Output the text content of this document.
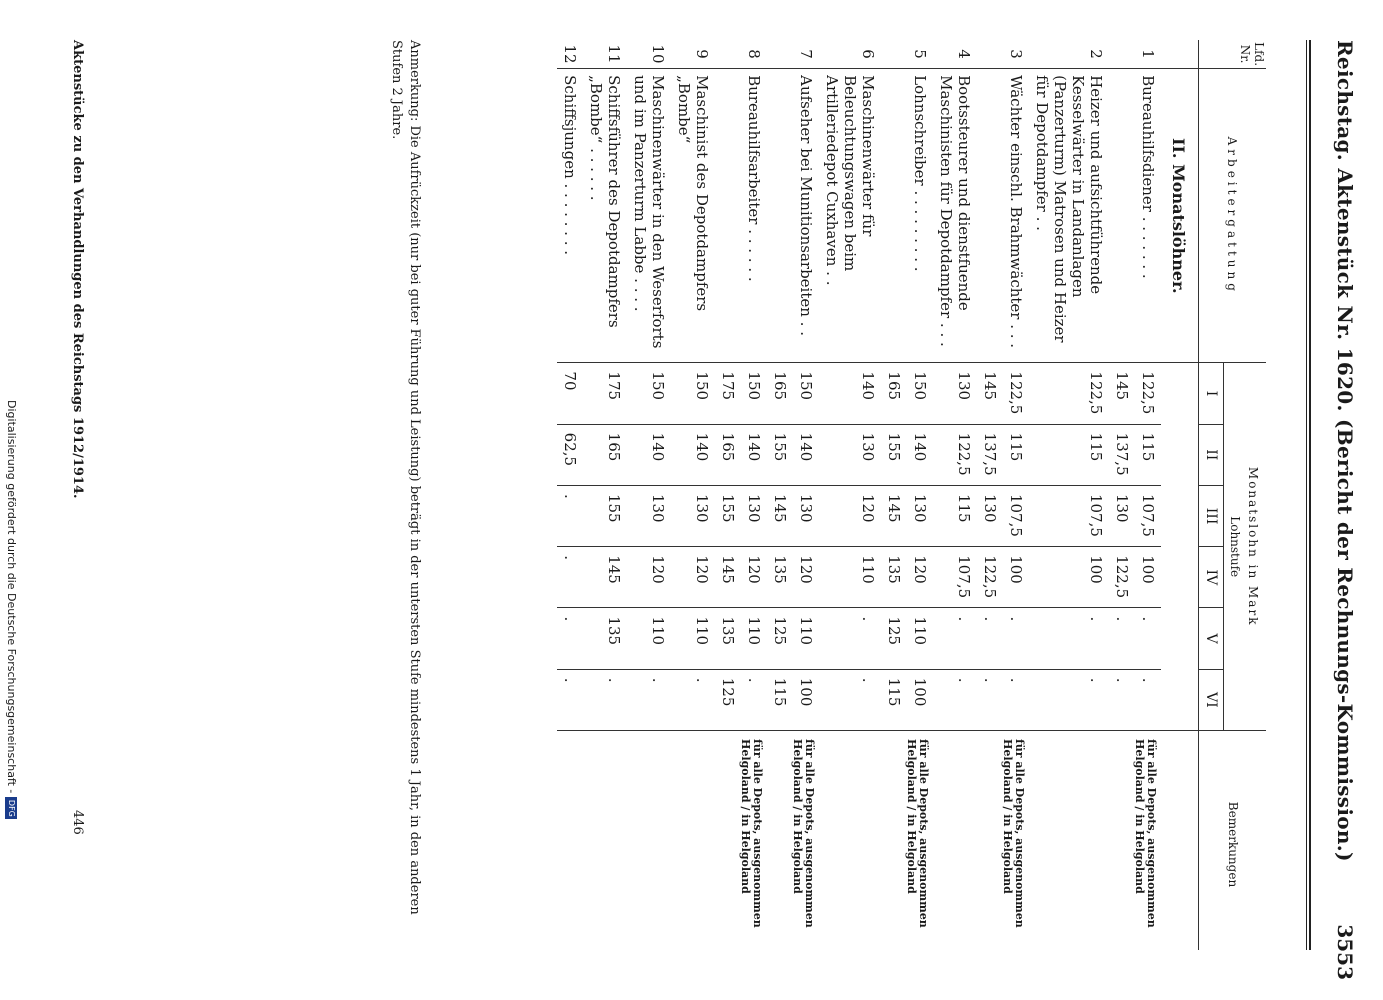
Reichstag. Aktenstück Nr. 1620. (Bericht der Rechnungs-Kommission.)
3553
Lfd. Nr.	Arbeitergattung	Monatslohn in Mark						Bemerkungen
		Lohnstufe						
		I	II	III	IV	V	VI	
	II. Monatslöhner.							
1	Bureauhilfsdiener . . . . . . .	122,5	115	107,5	100	.	.	für alle Depots, ausgenommen Helgoland / in Helgoland
		145	137,5	130	122,5	.	.	
2	Heizer und aufsichtführende Kesselwärter in Landanlagen (Panzerturm) Matrosen und Heizer für Depotdampfer . .	122,5	115	107,5	100	.	.	
3	Wächter einschl. Brahmwächter . . .	122,5	115	107,5	100	.	.	für alle Depots, ausgenommen Helgoland / in Helgoland
		145	137,5	130	122,5	.	.	
4	Bootssteurer und dienstfuende Maschinisten für Depotdampfer . . .	130	122,5	115	107,5	.	.	
5	Lohnschreiber . . . . . . . . .	150	140	130	120	110	100	für alle Depots, ausgenommen Helgoland / in Helgoland
		165	155	145	135	125	115	
6	Maschinenwärter für Beleuchtungswagen beim Artilleriedepot Cuxhaven . .	140	130	120	110	.	.	
7	Aufseher bei Munitionsarbeiten . .	150	140	130	120	110	100	für alle Depots, ausgenommen Helgoland / in Helgoland
		165	155	145	135	125	115	
8	Bureauhilfsarbeiter . . . . . .	150	140	130	120	110	.	für alle Depots, ausgenommen Helgoland / in Helgoland
		175	165	155	145	135	125	
9	Maschinist des Depotdampfers „Bombe“	150	140	130	120	110	.	
10	Maschinenwärter in den Weserforts und im Panzerturm Labbe . . . .	150	140	130	120	110	.	
11	Schiffsführer des Depotdampfers „Bombe“ . . . . . .	175	165	155	145	135	.	
12	Schiffsjungen . . . . . . . .	70	62,5	.	.	.	.	
Anmerkung: Die Aufrückzeit (nur bei guter Führung und Leistung) beträgt in der untersten Stufe mindestens 1 Jahr, in den anderen Stufen 2 Jahre.
Aktenstücke zu den Verhandlungen des Reichstags 1912/1914.
446
Digitalisierung gefördert durch die Deutsche Forschungsgemeinschaft -DFG
